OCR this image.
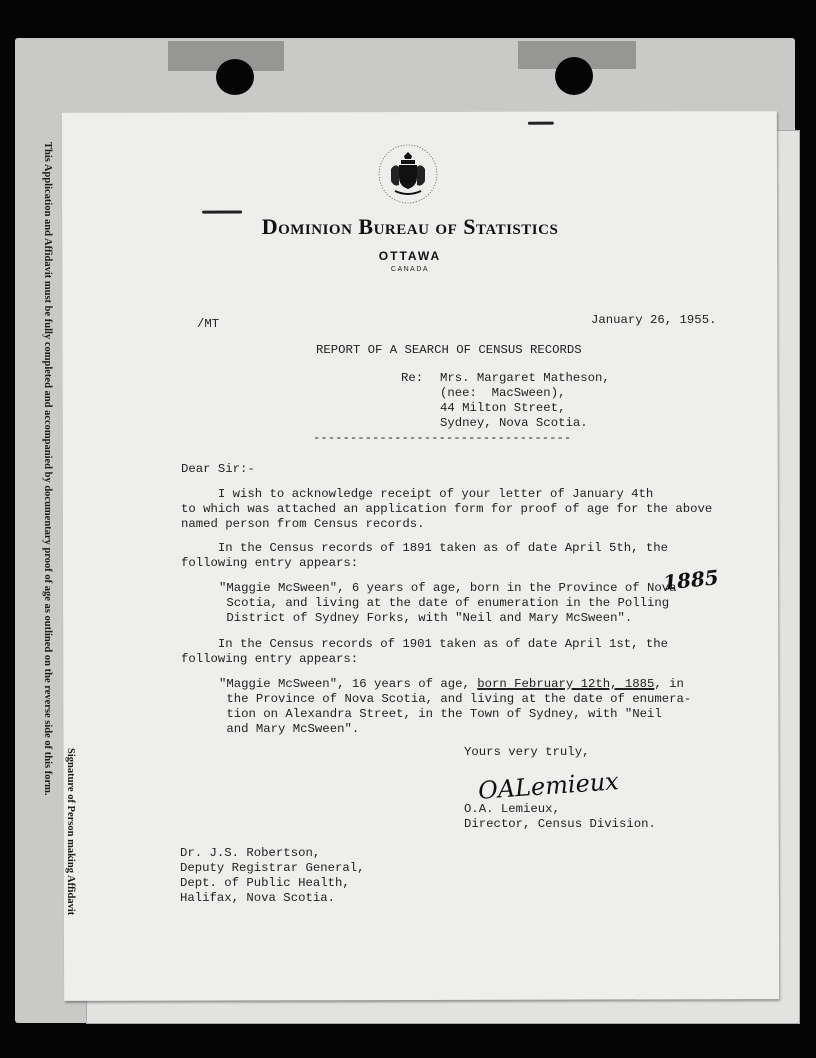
This Application and Affidavit must be fully completed and accompanied by documentary proof of age as outlined on the reverse side of this form.
Signature of Person making Affidavit
Dominion Bureau of Statistics
OTTAWA
CANADA
/MT	January 26, 1955.
REPORT OF A SEARCH OF CENSUS RECORDS
Re: Mrs. Margaret Matheson,
(nee:  MacSween),
44 Milton Street,
Sydney, Nova Scotia.
-----------------------------------
Dear Sir:-
I wish to acknowledge receipt of your letter of January 4th
to which was attached an application form for proof of age for the above
named person from Census records.
In the Census records of 1891 taken as of date April 5th, the
following entry appears:
"Maggie McSween", 6 years of age, born in the Province of Nova
Scotia, and living at the date of enumeration in the Polling
District of Sydney Forks, with "Neil and Mary McSween".
1885
In the Census records of 1901 taken as of date April 1st, the
following entry appears:
"Maggie McSween", 16 years of age, born February 12th, 1885, in
the Province of Nova Scotia, and living at the date of enumera-
tion on Alexandra Street, in the Town of Sydney, with "Neil
and Mary McSween".
Yours very truly,
OALemieux
O.A. Lemieux,
Director, Census Division.
Dr. J.S. Robertson,
Deputy Registrar General,
Dept. of Public Health,
Halifax, Nova Scotia.
